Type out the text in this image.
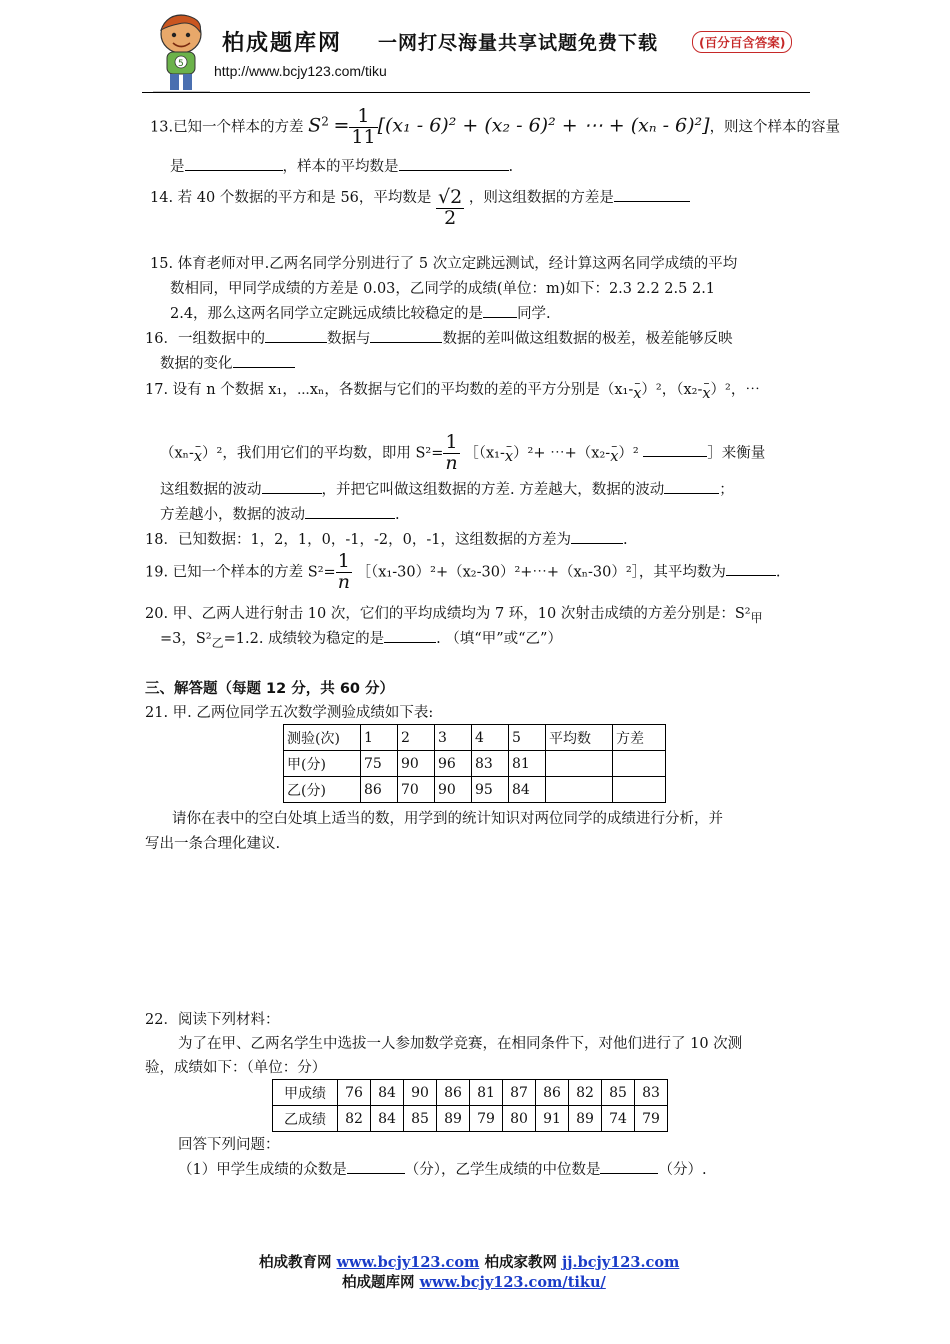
5
柏成题库网 一网打尽海量共享试题免费下载	(百分百含答案)
http://www.bcjy123.com/tiku
13.已知一个样本的方差 $S^2 = \frac{1}{11} [(x_1 - 6)^2 + (x_2 - 6)^2$ + ⋯ + (xₙ - 6)²]，则这个样本的容量
是	，样本的平均数是	.
14. 若 40 个数据的平方和是 56，平均数是 $\frac{√2}{2}$ ，则这组数据的方差是
15. 体育老师对甲.乙两名同学分别进行了 5 次立定跳远测试，经计算这两名同学成绩的平均
数相同，甲同学成绩的方差是 0.03，乙同学的成绩(单位：m)如下：2.3 2.2 2.5 2.1
2.4，那么这两名同学立定跳远成绩比较稳定的是 同学.
16．一组数据中的	数据与	数据的差叫做这组数据的极差，极差能够反映
数据的变化
17. 设有 n 个数据 x₁，⋯xₙ，各数据与它们的平均数的差的平方分别是（x₁- –
x）²，（x₂- –
x）²，⋯
（xₙ- –
x）²，我们用它们的平均数，即用 $S^2= \frac{1}{n}$ ［（x₁- –
x）²+ ⋯+（x₂- –
x）²	］来衡量
这组数据的波动	，并把它叫做这组数据的方差. 方差越大，数据的波动	；
方差越小，数据的波动	.
18．已知数据：1，2，1，0，-1，-2，0，-1，这组数据的方差为	.
19. 已知一个样本的方差 $S^2= \frac{1}{n}$ ［（x₁-30）²+（x₂-30）²+⋯+（xₙ-30）²］，其平均数为	.
20. 甲、乙两人进行射击 10 次，它们的平均成绩均为 7 环，10 次射击成绩的方差分别是：$S^2_甲$
=3，$S^2_乙=1.2$. 成绩较为稳定的是	. （填“甲”或“乙”）
三、解答题（每题 12 分，共 60 分）
21. 甲. 乙两位同学五次数学测验成绩如下表:
测验(次)	1	2	3	4	5	平均数	方差
甲(分)	75	90	96	83	81		
乙(分)	86	70	90	95	84		
请你在表中的空白处填上适当的数，用学到的统计知识对两位同学的成绩进行分析，并
写出一条合理化建议.
22．阅读下列材料：
为了在甲、乙两名学生中选拔一人参加数学竞赛，在相同条件下，对他们进行了 10 次测
验，成绩如下：（单位：分）
甲成绩	76	84	90	86	81	87	86	82	85	83
乙成绩	82	84	85	89	79	80	91	89	74	79
回答下列问题：
（1）甲学生成绩的众数是	（分），乙学生成绩的中位数是	（分）.
柏成教育网 www.bcjy123.com 柏成家教网 jj.bcjy123.com
柏成题库网 www.bcjy123.com/tiku/
